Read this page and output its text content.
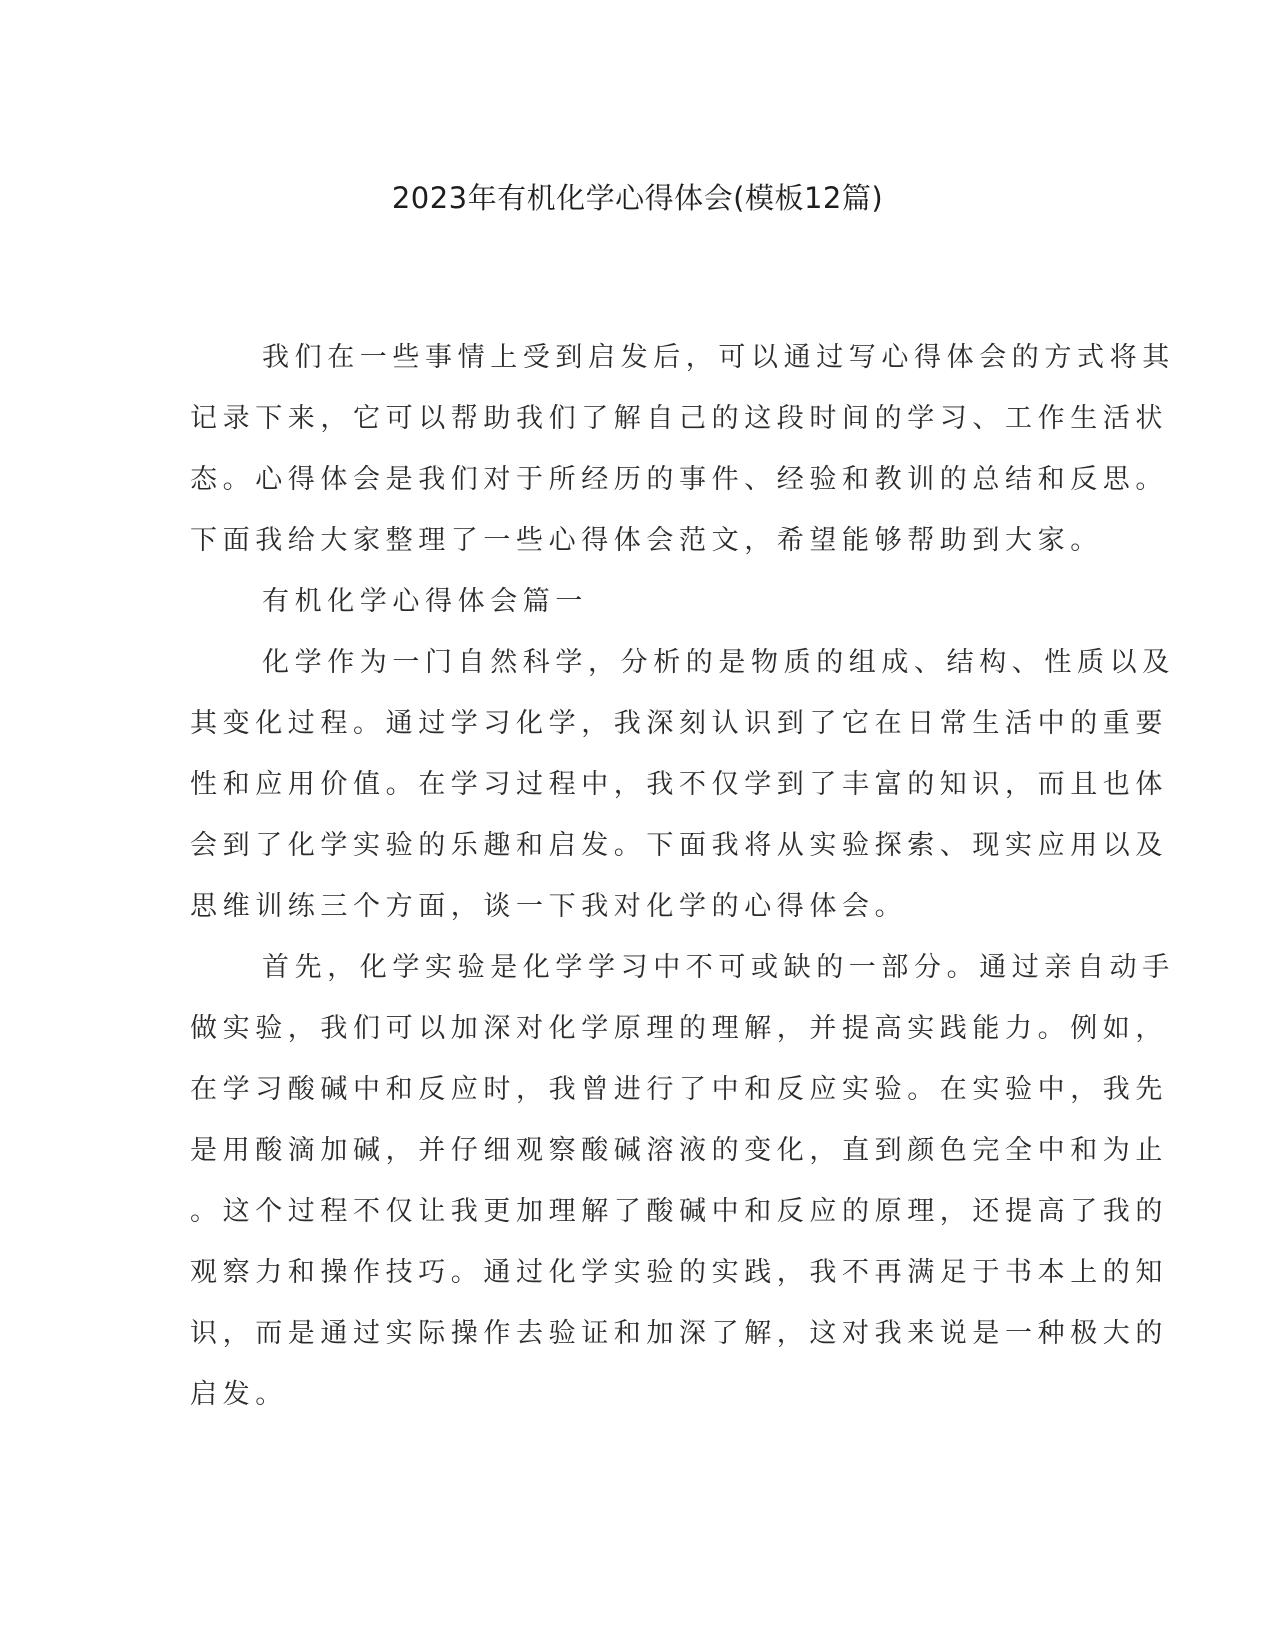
2023年有机化学心得体会(模板12篇)
我们在一些事情上受到启发后，可以通过写心得体会的方式将其
记录下来，它可以帮助我们了解自己的这段时间的学习、工作生活状
态。心得体会是我们对于所经历的事件、经验和教训的总结和反思。
下面我给大家整理了一些心得体会范文，希望能够帮助到大家。
有机化学心得体会篇一
化学作为一门自然科学，分析的是物质的组成、结构、性质以及
其变化过程。通过学习化学，我深刻认识到了它在日常生活中的重要
性和应用价值。在学习过程中，我不仅学到了丰富的知识，而且也体
会到了化学实验的乐趣和启发。下面我将从实验探索、现实应用以及
思维训练三个方面，谈一下我对化学的心得体会。
首先，化学实验是化学学习中不可或缺的一部分。通过亲自动手
做实验，我们可以加深对化学原理的理解，并提高实践能力。例如，
在学习酸碱中和反应时，我曾进行了中和反应实验。在实验中，我先
是用酸滴加碱，并仔细观察酸碱溶液的变化，直到颜色完全中和为止
。这个过程不仅让我更加理解了酸碱中和反应的原理，还提高了我的
观察力和操作技巧。通过化学实验的实践，我不再满足于书本上的知
识，而是通过实际操作去验证和加深了解，这对我来说是一种极大的
启发。
